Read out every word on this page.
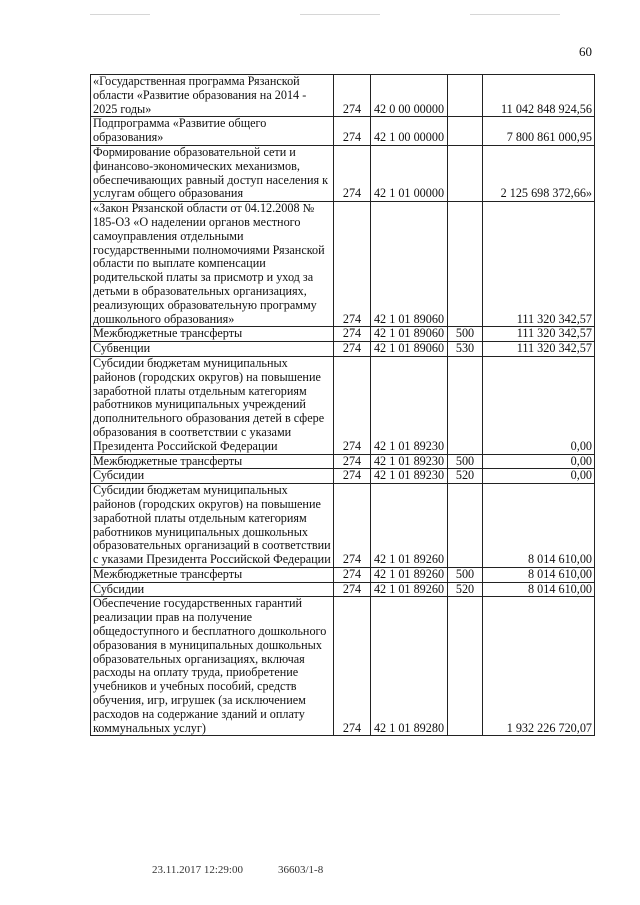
60
«Государственная программа Рязанской области «Развитие образования на 2014 - 2025 годы»	274	42 0 00 00000		11 042 848 924,56
Подпрограмма «Развитие общего образования»	274	42 1 00 00000		7 800 861 000,95
Формирование образовательной сети и финансово-экономических механизмов, обеспечивающих равный доступ населения к услугам общего образования	274	42 1 01 00000		2 125 698 372,66»
«Закон Рязанской области от 04.12.2008 № 185-ОЗ «О наделении органов местного самоуправления отдельными государственными полномочиями Рязанской области по выплате компенсации родительской платы за присмотр и уход за детьми в образовательных организациях, реализующих образовательную программу дошкольного образования»	274	42 1 01 89060		111 320 342,57
Межбюджетные трансферты	274	42 1 01 89060	500	111 320 342,57
Субвенции	274	42 1 01 89060	530	111 320 342,57
Субсидии бюджетам муниципальных районов (городских округов) на повышение заработной платы отдельным категориям работников муниципальных учреждений дополнительного образования детей в сфере образования в соответствии с указами Президента Российской Федерации	274	42 1 01 89230		0,00
Межбюджетные трансферты	274	42 1 01 89230	500	0,00
Субсидии	274	42 1 01 89230	520	0,00
Субсидии бюджетам муниципальных районов (городских округов) на повышение заработной платы отдельным категориям работников муниципальных дошкольных образовательных организаций в соответствии с указами Президента Российской Федерации	274	42 1 01 89260		8 014 610,00
Межбюджетные трансферты	274	42 1 01 89260	500	8 014 610,00
Субсидии	274	42 1 01 89260	520	8 014 610,00
Обеспечение государственных гарантий реализации прав на получение общедоступного и бесплатного дошкольного образования в муниципальных дошкольных образовательных организациях, включая расходы на оплату труда, приобретение учебников и учебных пособий, средств обучения, игр, игрушек (за исключением расходов на содержание зданий и оплату коммунальных услуг)	274	42 1 01 89280		1 932 226 720,07
23.11.2017 12:29:00	36603/1-8
